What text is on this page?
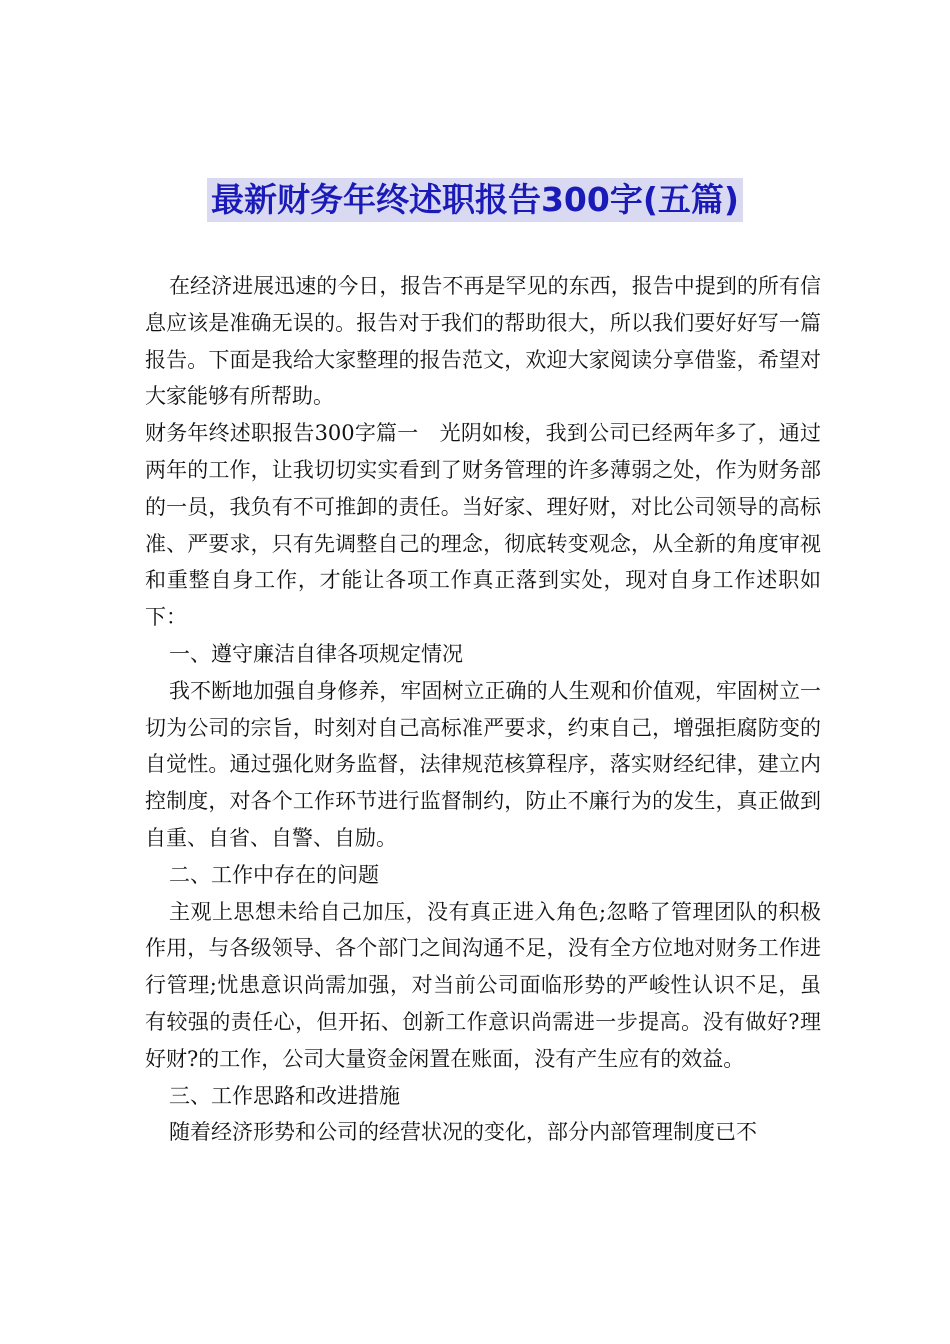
最新财务年终述职报告300字(五篇)

在经济进展迅速的今日，报告不再是罕见的东西，报告中提到的所有信息应该是准确无误的。报告对于我们的帮助很大，所以我们要好好写一篇报告。下面是我给大家整理的报告范文，欢迎大家阅读分享借鉴，希望对大家能够有所帮助。

财务年终述职报告300字篇一　光阴如梭，我到公司已经两年多了，通过两年的工作，让我切切实实看到了财务管理的许多薄弱之处，作为财务部的一员，我负有不可推卸的责任。当好家、理好财，对比公司领导的高标准、严要求，只有先调整自己的理念，彻底转变观念，从全新的角度审视和重整自身工作，才能让各项工作真正落到实处，现对自身工作述职如下：

一、遵守廉洁自律各项规定情况

我不断地加强自身修养，牢固树立正确的人生观和价值观，牢固树立一切为公司的宗旨，时刻对自己高标准严要求，约束自己，增强拒腐防变的自觉性。通过强化财务监督，法律规范核算程序，落实财经纪律，建立内控制度，对各个工作环节进行监督制约，防止不廉行为的发生，真正做到自重、自省、自警、自励。

二、工作中存在的问题

主观上思想未给自己加压，没有真正进入角色;忽略了管理团队的积极作用，与各级领导、各个部门之间沟通不足，没有全方位地对财务工作进行管理;忧患意识尚需加强，对当前公司面临形势的严峻性认识不足，虽有较强的责任心，但开拓、创新工作意识尚需进一步提高。没有做好?理好财?的工作，公司大量资金闲置在账面，没有产生应有的效益。

三、工作思路和改进措施

随着经济形势和公司的经营状况的变化，部分内部管理制度已不
